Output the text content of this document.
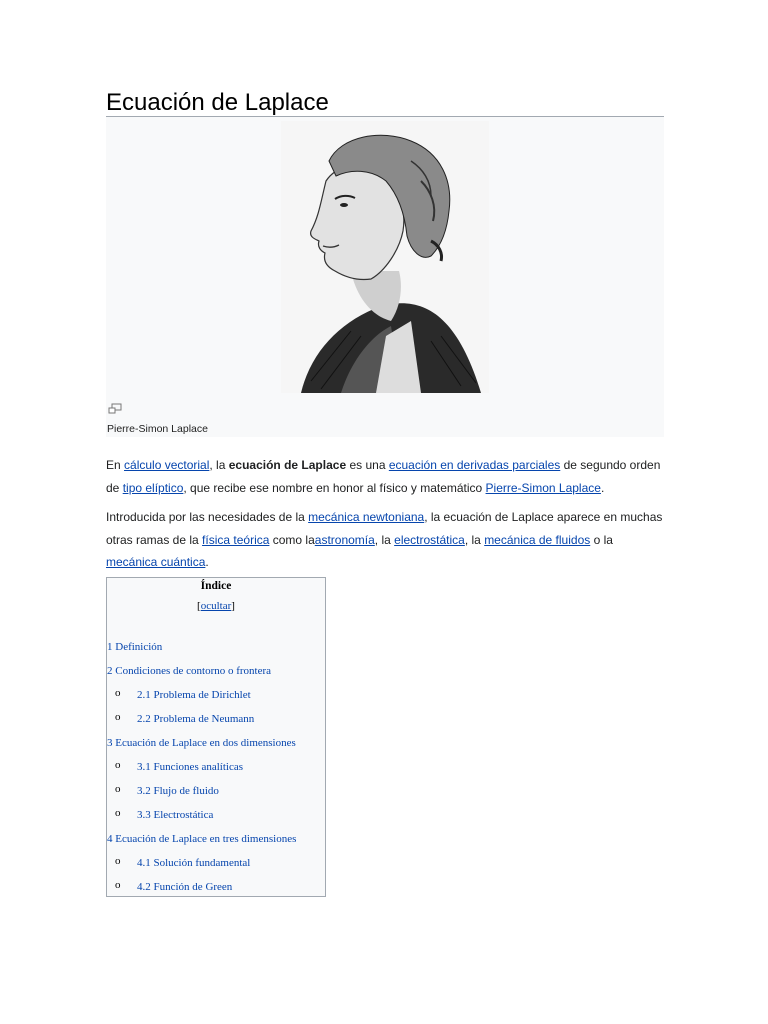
Ecuación de Laplace
Pierre-Simon Laplace
En cálculo vectorial, la ecuación de Laplace es una ecuación en derivadas parciales de segundo orden de tipo elíptico, que recibe ese nombre en honor al físico y matemático Pierre-Simon Laplace.
Introducida por las necesidades de la mecánica newtoniana, la ecuación de Laplace aparece en muchas otras ramas de la física teórica como laastronomía, la electrostática, la mecánica de fluidos o la mecánica cuántica.
Índice
[ocultar]
1 Definición
2 Condiciones de contorno o frontera
o 2.1 Problema de Dirichlet
o 2.2 Problema de Neumann
3 Ecuación de Laplace en dos dimensiones
o 3.1 Funciones analíticas
o 3.2 Flujo de fluido
o 3.3 Electrostática
4 Ecuación de Laplace en tres dimensiones
o 4.1 Solución fundamental
o 4.2 Función de Green
